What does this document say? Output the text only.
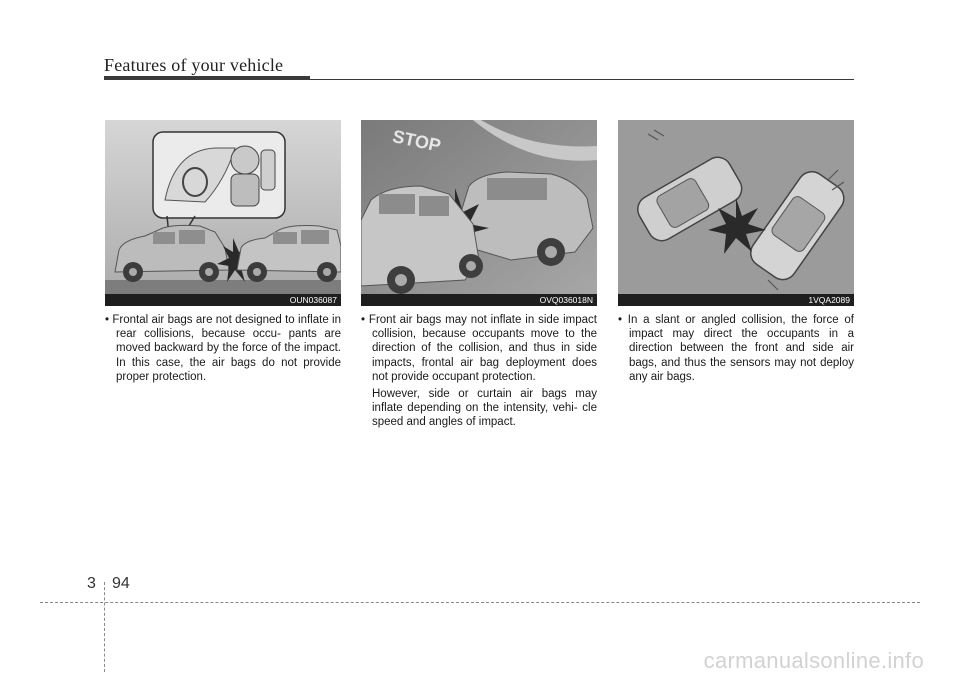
Features of your vehicle
OUN036087
STOP
OVQ036018N	1VQA2089

• Frontal air bags are not designed to inflate in rear collisions, because occu- pants are moved backward by the force of the impact. In this case, the air bags do not provide proper protection.

• Front air bags may not inflate in side impact collision, because occupants move to the direction of the collision, and thus in side impacts, frontal air bag deployment does not provide occupant protection.

However, side or curtain air bags may inflate depending on the intensity, vehi- cle speed and angles of impact.

• In a slant or angled collision, the force of impact may direct the occupants in a direction between the front and side air bags, and thus the sensors may not deploy any air bags.

3 94
carmanualsonline.info
